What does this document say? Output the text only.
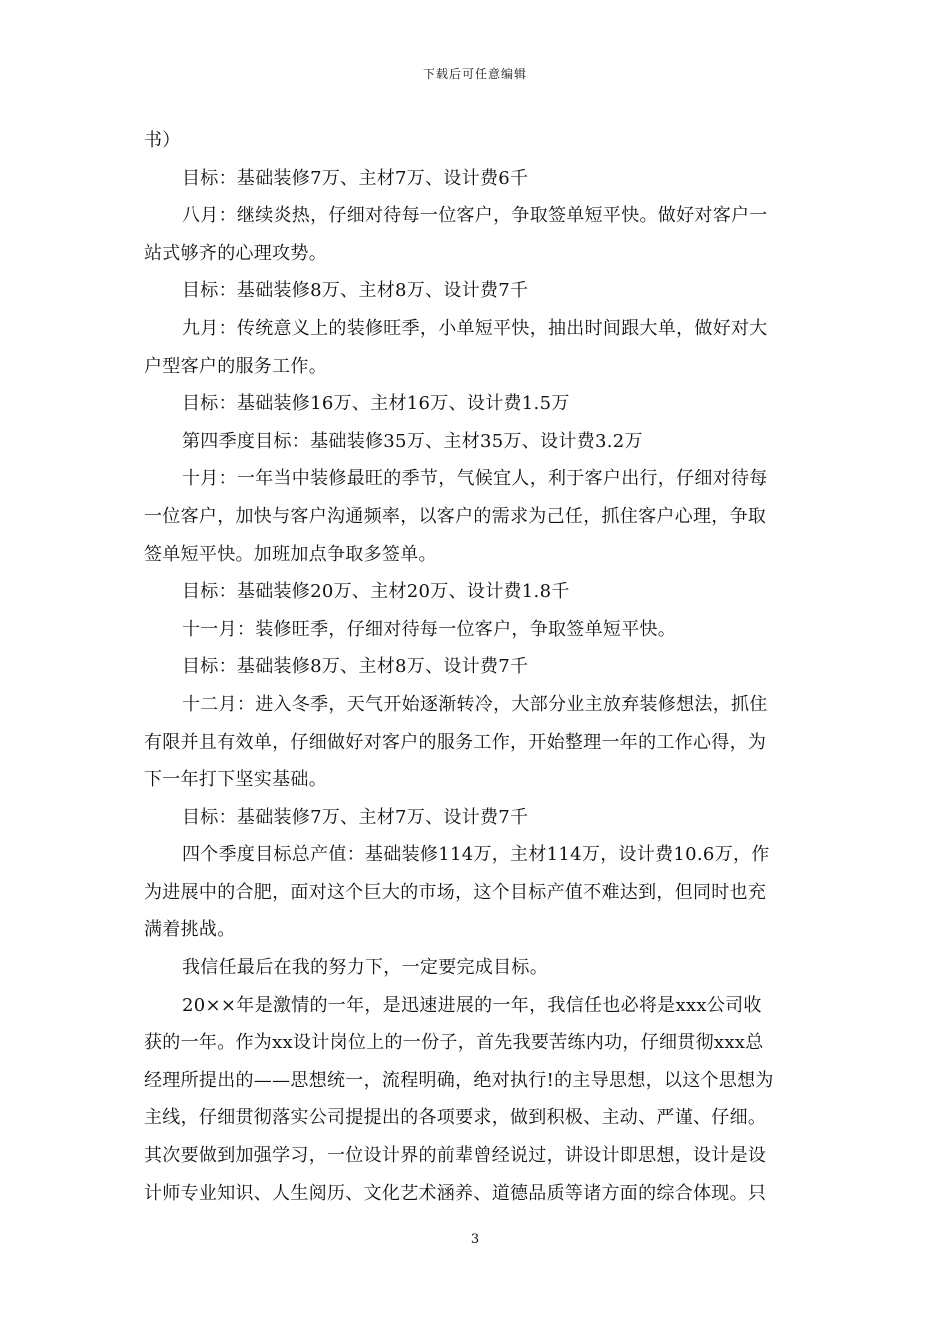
下载后可任意编辑
书）
目标：基础装修7万、主材7万、设计费6千
八月：继续炎热，仔细对待每一位客户，争取签单短平快。做好对客户一
站式够齐的心理攻势。
目标：基础装修8万、主材8万、设计费7千
九月：传统意义上的装修旺季，小单短平快，抽出时间跟大单，做好对大
户型客户的服务工作。
目标：基础装修16万、主材16万、设计费1.5万
第四季度目标：基础装修35万、主材35万、设计费3.2万
十月：一年当中装修最旺的季节，气候宜人，利于客户出行，仔细对待每
一位客户，加快与客户沟通频率，以客户的需求为己任，抓住客户心理，争取
签单短平快。加班加点争取多签单。
目标：基础装修20万、主材20万、设计费1.8千
十一月：装修旺季，仔细对待每一位客户，争取签单短平快。
目标：基础装修8万、主材8万、设计费7千
十二月：进入冬季，天气开始逐渐转冷，大部分业主放弃装修想法，抓住
有限并且有效单，仔细做好对客户的服务工作，开始整理一年的工作心得，为
下一年打下坚实基础。
目标：基础装修7万、主材7万、设计费7千
四个季度目标总产值：基础装修114万，主材114万，设计费10.6万，作
为进展中的合肥，面对这个巨大的市场，这个目标产值不难达到，但同时也充
满着挑战。
我信任最后在我的努力下，一定要完成目标。
20××年是激情的一年，是迅速进展的一年，我信任也必将是xxx公司收
获的一年。作为xx设计岗位上的一份子，首先我要苦练内功，仔细贯彻xxx总
经理所提出的——思想统一，流程明确，绝对执行!的主导思想，以这个思想为
主线，仔细贯彻落实公司提提出的各项要求，做到积极、主动、严谨、仔细。
其次要做到加强学习，一位设计界的前辈曾经说过，讲设计即思想，设计是设
计师专业知识、人生阅历、文化艺术涵养、道德品质等诸方面的综合体现。只
3
